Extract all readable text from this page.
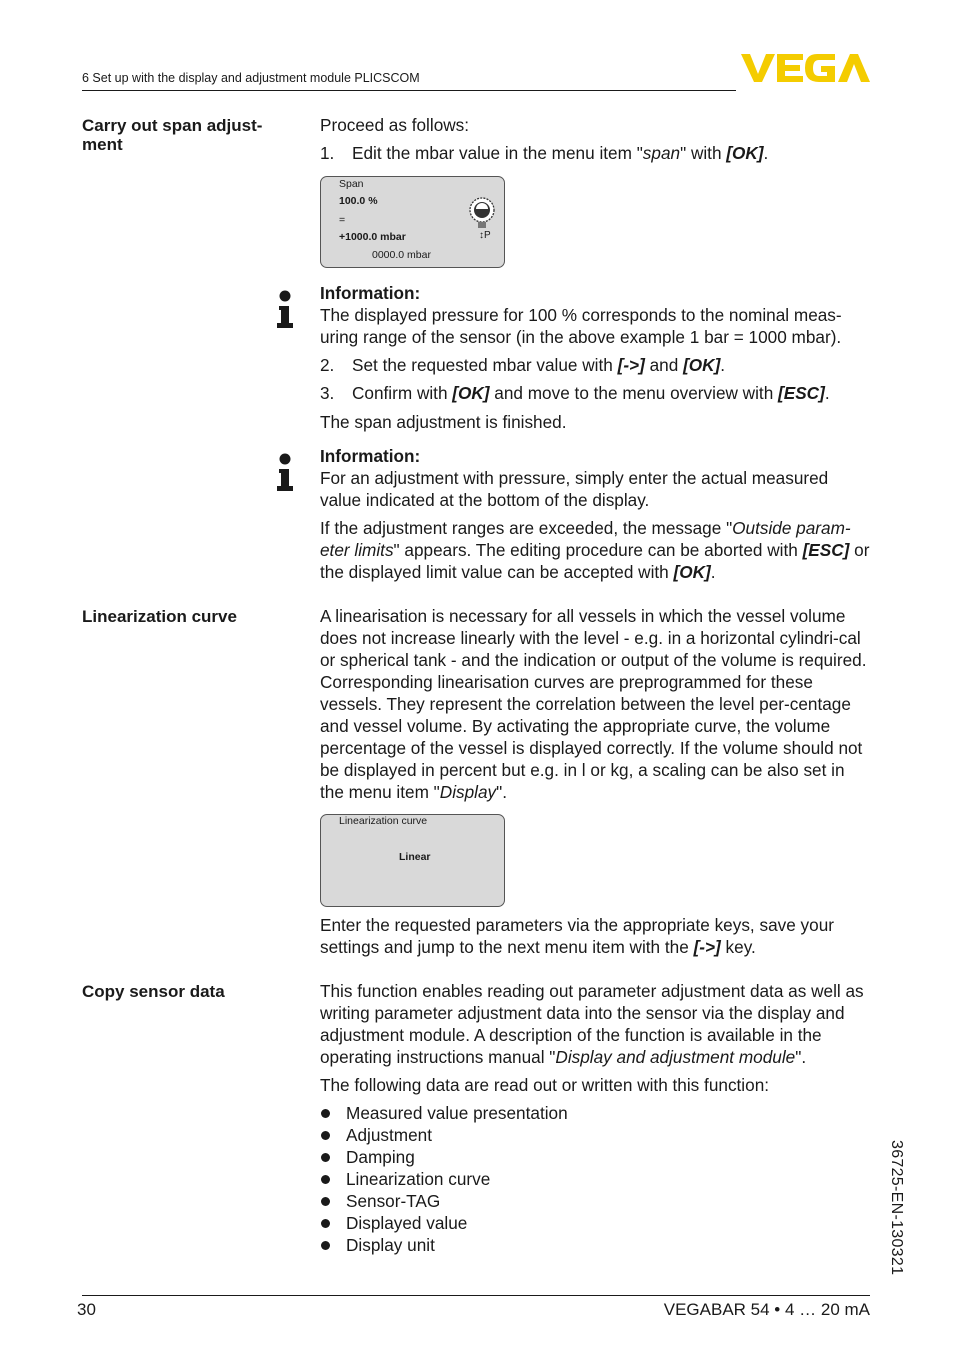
6 Set up with the display and adjustment module PLICSCOM
Carry out span adjust-ment

Proceed as follows:

1. Edit the mbar value in the menu item "span" with [OK].

Span
100.0 %
=
+1000.0 mbar
0000.0 mbar
↕P

Information:

The displayed pressure for 100 % corresponds to the nominal meas-uring range of the sensor (in the above example 1 bar = 1000 mbar).

2. Set the requested mbar value with [->] and [OK].

3. Confirm with [OK] and move to the menu overview with [ESC].

The span adjustment is finished.

Information:

For an adjustment with pressure, simply enter the actual measured value indicated at the bottom of the display.

If the adjustment ranges are exceeded, the message "Outside param-eter limits" appears. The editing procedure can be aborted with [ESC] or the displayed limit value can be accepted with [OK].

Linearization curve	A linearisation is necessary for all vessels in which the vessel volume does not increase linearly with the level - e.g. in a horizontal cylindri-cal or spherical tank - and the indication or output of the volume is required. Corresponding linearisation curves are preprogrammed for these vessels. They represent the correlation between the level per-centage and vessel volume. By activating the appropriate curve, the volume percentage of the vessel is displayed correctly. If the volume should not be displayed in percent but e.g. in l or kg, a scaling can be also set in the menu item "Display".

Linearization curve
Linear

Enter the requested parameters via the appropriate keys, save your settings and jump to the next menu item with the [->] key.

Copy sensor data	This function enables reading out parameter adjustment data as well as writing parameter adjustment data into the sensor via the display and adjustment module. A description of the function is available in the operating instructions manual "Display and adjustment module".

The following data are read out or written with this function:

Measured value presentation
Adjustment
Damping
Linearization curve
Sensor-TAG
Displayed value
Display unit	36725-EN-130321
30	VEGABAR 54 • 4 … 20 mA
